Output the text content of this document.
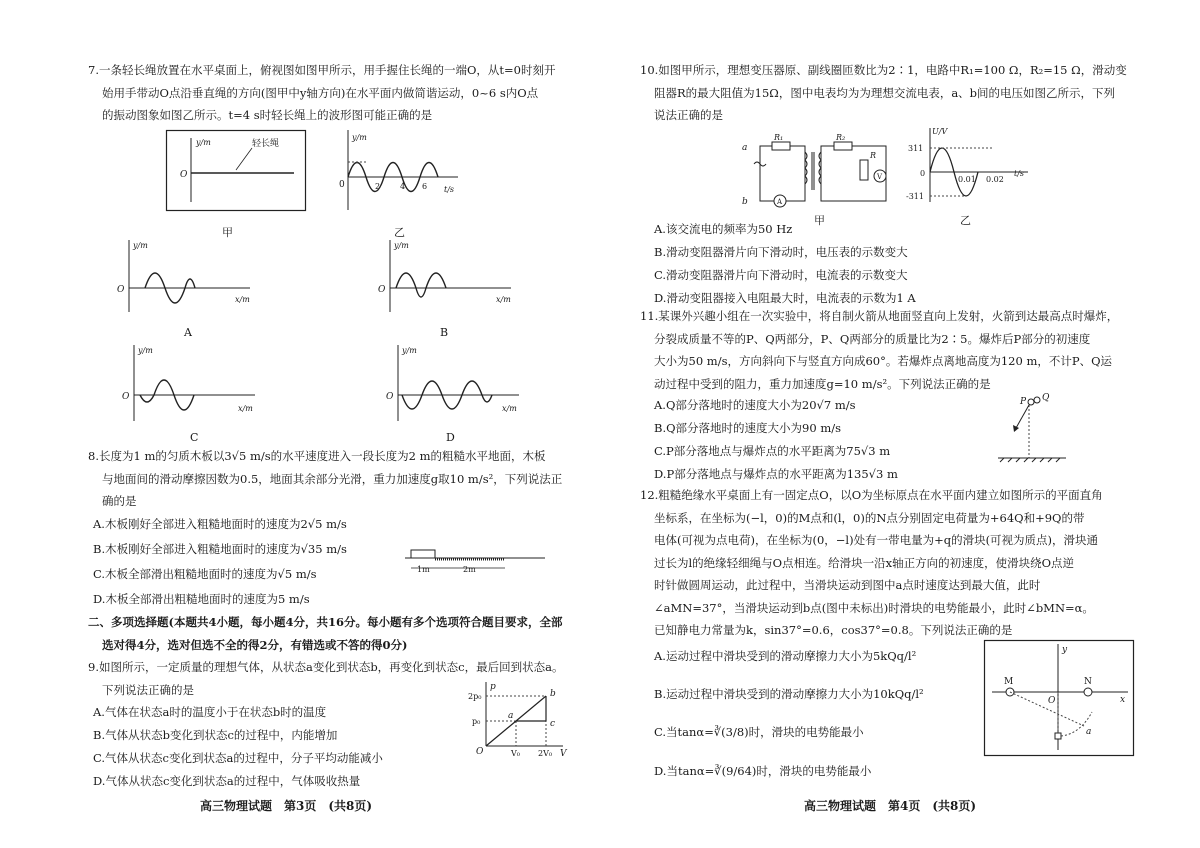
7.一条轻长绳放置在水平桌面上，俯视图如图甲所示，用手握住长绳的一端O，从t=0时刻开

始用手带动O点沿垂直绳的方向(图甲中y轴方向)在水平面内做简谐运动，0~6 s内O点

的振动图象如图乙所示。t=4 s时轻长绳上的波形图可能正确的是

y/m
O
轻长绳
甲
y/m
0	2 4 6 t/s
乙
y/m
O
x/m
A
y/m
O
x/m
B
y/m
O
x/m
C
y/m
O
x/m
D

8.长度为1 m的匀质木板以3√5 m/s的水平速度进入一段长度为2 m的粗糙水平地面，木板

与地面间的滑动摩擦因数为0.5，地面其余部分光滑，重力加速度g取10 m/s²，下列说法正

确的是

A.木板刚好全部进入粗糙地面时的速度为2√5 m/s
B.木板刚好全部进入粗糙地面时的速度为√35 m/s
C.木板全部滑出粗糙地面时的速度为√5 m/s
D.木板全部滑出粗糙地面时的速度为5 m/s
1m	2m

二、多项选择题(本题共4小题，每小题4分，共16分。每小题有多个选项符合题目要求，全部

选对得4分，选对但选不全的得2分，有错选或不答的得0分)

9.如图所示，一定质量的理想气体，从状态a变化到状态b，再变化到状态c，最后回到状态a。

下列说法正确的是

A.气体在状态a时的温度小于在状态b时的温度
B.气体从状态b变化到状态c的过程中，内能增加
C.气体从状态c变化到状态a的过程中，分子平均动能减小
D.气体从状态c变化到状态a的过程中，气体吸收热量
p
V
O
2p₀
p₀
V₀ 2V₀
a
b
c
高三物理试题　第3页　(共8页)

10.如图甲所示，理想变压器原、副线圈匝数比为2∶1，电路中R₁=100 Ω，R₂=15 Ω，滑动变

阻器R的最大阻值为15Ω，图中电表均为为理想交流电表，a、b间的电压如图乙所示，下列

说法正确的是

a
b
R₁	R₂
R
A
V
甲
U/V
311
0
-311
0.01 0.02
t/s
乙
A.该交流电的频率为50 Hz
B.滑动变阻器滑片向下滑动时，电压表的示数变大
C.滑动变阻器滑片向下滑动时，电流表的示数变大
D.滑动变阻器接入电阻最大时，电流表的示数为1 A

11.某课外兴趣小组在一次实验中，将自制火箭从地面竖直向上发射，火箭到达最高点时爆炸，

分裂成质量不等的P、Q两部分，P、Q两部分的质量比为2∶5。爆炸后P部分的初速度

大小为50 m/s，方向斜向下与竖直方向成60°。若爆炸点离地高度为120 m，不计P、Q运

动过程中受到的阻力，重力加速度g=10 m/s²。下列说法正确的是

A.Q部分落地时的速度大小为20√7 m/s
B.Q部分落地时的速度大小为90 m/s
C.P部分落地点与爆炸点的水平距离为75√3 m
D.P部分落地点与爆炸点的水平距离为135√3 m
P Q

12.粗糙绝缘水平桌面上有一固定点O，以O为坐标原点在水平面内建立如图所示的平面直角

坐标系，在坐标为(−l，0)的M点和(l，0)的N点分别固定电荷量为+64Q和+9Q的带

电体(可视为点电荷)，在坐标为(0，−l)处有一带电量为+q的滑块(可视为质点)，滑块通

过长为l的绝缘轻细绳与O点相连。给滑块一沿x轴正方向的初速度，使滑块绕O点逆

时针做圆周运动，此过程中，当滑块运动到图中a点时速度达到最大值，此时

∠aMN=37°，当滑块运动到b点(图中未标出)时滑块的电势能最小，此时∠bMN=α。

已知静电力常量为k，sin37°=0.6，cos37°=0.8。下列说法正确的是

A.运动过程中滑块受到的滑动摩擦力大小为5kQq/l²
B.运动过程中滑块受到的滑动摩擦力大小为10kQq/l²
C.当tanα=∛(3/8)时，滑块的电势能最小
D.当tanα=∛(9/64)时，滑块的电势能最小
y
x
O
M	N
a
高三物理试题　第4页　(共8页)
